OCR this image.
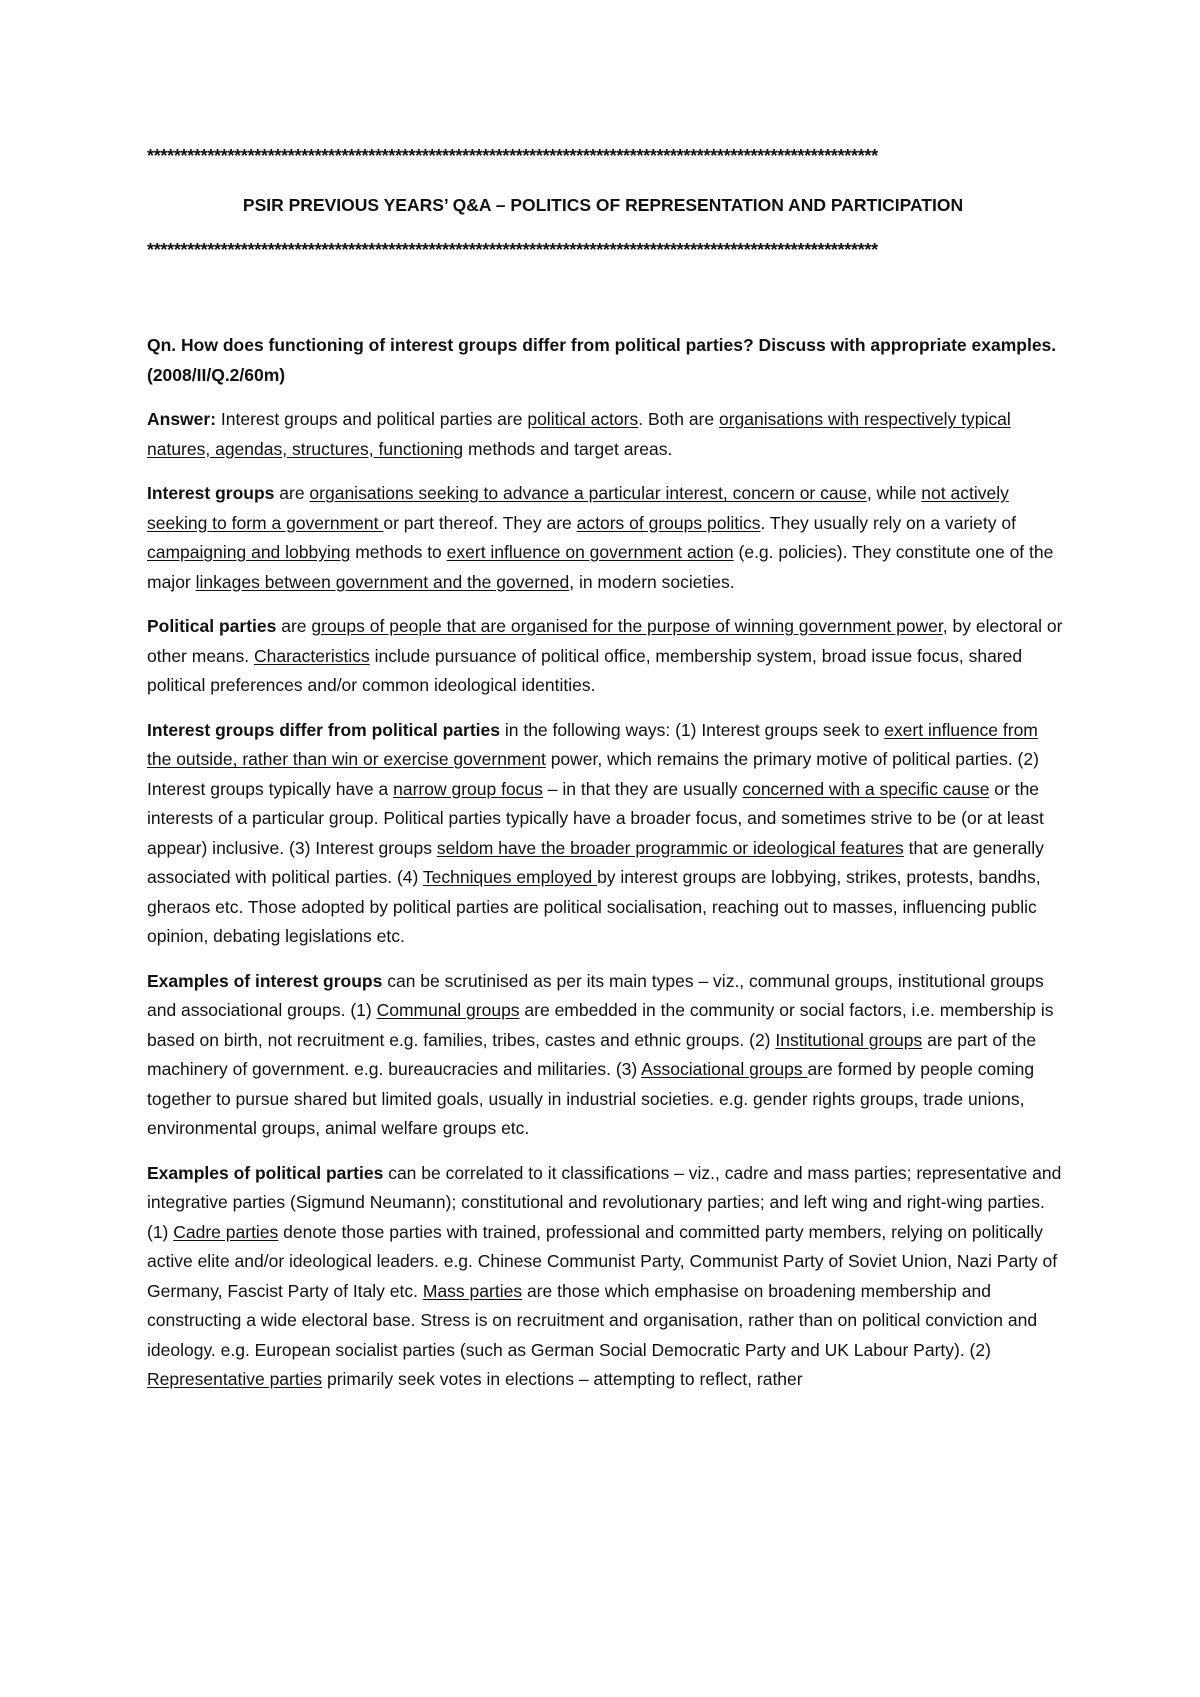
*************************************************************************************************************
PSIR PREVIOUS YEARS’ Q&A – POLITICS OF REPRESENTATION AND PARTICIPATION
*************************************************************************************************************

Qn. How does functioning of interest groups differ from political parties? Discuss with appropriate examples. (2008/II/Q.2/60m)

Answer: Interest groups and political parties are political actors. Both are organisations with respectively typical natures, agendas, structures, functioning methods and target areas.

Interest groups are organisations seeking to advance a particular interest, concern or cause, while not actively seeking to form a government or part thereof. They are actors of groups politics. They usually rely on a variety of campaigning and lobbying methods to exert influence on government action (e.g. policies). They constitute one of the major linkages between government and the governed, in modern societies.

Political parties are groups of people that are organised for the purpose of winning government power, by electoral or other means. Characteristics include pursuance of political office, membership system, broad issue focus, shared political preferences and/or common ideological identities.

Interest groups differ from political parties in the following ways: (1) Interest groups seek to exert influence from the outside, rather than win or exercise government power, which remains the primary motive of political parties. (2) Interest groups typically have a narrow group focus – in that they are usually concerned with a specific cause or the interests of a particular group. Political parties typically have a broader focus, and sometimes strive to be (or at least appear) inclusive. (3) Interest groups seldom have the broader programmic or ideological features that are generally associated with political parties. (4) Techniques employed by interest groups are lobbying, strikes, protests, bandhs, gheraos etc. Those adopted by political parties are political socialisation, reaching out to masses, influencing public opinion, debating legislations etc.

Examples of interest groups can be scrutinised as per its main types – viz., communal groups, institutional groups and associational groups. (1) Communal groups are embedded in the community or social factors, i.e. membership is based on birth, not recruitment e.g. families, tribes, castes and ethnic groups. (2) Institutional groups are part of the machinery of government. e.g. bureaucracies and militaries. (3) Associational groups are formed by people coming together to pursue shared but limited goals, usually in industrial societies. e.g. gender rights groups, trade unions, environmental groups, animal welfare groups etc.

Examples of political parties can be correlated to it classifications – viz., cadre and mass parties; representative and integrative parties (Sigmund Neumann); constitutional and revolutionary parties; and left wing and right-wing parties. (1) Cadre parties denote those parties with trained, professional and committed party members, relying on politically active elite and/or ideological leaders. e.g. Chinese Communist Party, Communist Party of Soviet Union, Nazi Party of Germany, Fascist Party of Italy etc. Mass parties are those which emphasise on broadening membership and constructing a wide electoral base. Stress is on recruitment and organisation, rather than on political conviction and ideology. e.g. European socialist parties (such as German Social Democratic Party and UK Labour Party). (2) Representative parties primarily seek votes in elections – attempting to reflect, rather
